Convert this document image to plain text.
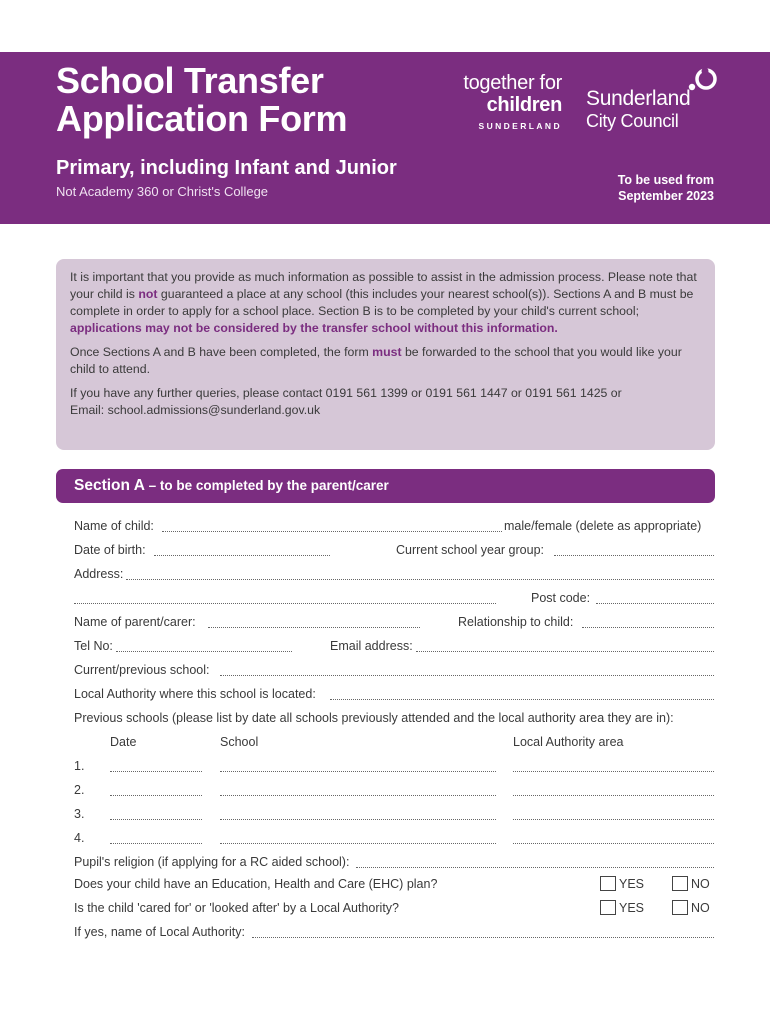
School Transfer
Application Form
Primary, including Infant and Junior
Not Academy 360 or Christ's College
To be used from
September 2023
together for
children
SUNDERLAND
Sunderland
City Council

It is important that you provide as much information as possible to assist in the admission process. Please note that your child is not guaranteed a place at any school (this includes your nearest school(s)). Sections A and B must be complete in order to apply for a school place. Section B is to be completed by your child's current school; applications may not be considered by the transfer school without this information.

Once Sections A and B have been completed, the form must be forwarded to the school that you would like your child to attend.

If you have any further queries, please contact 0191 561 1399 or 0191 561 1447 or 0191 561 1425 or
Email: school.admissions@sunderland.gov.uk

Section A – to be completed by the parent/carer
Name of child:	male/female (delete as appropriate)
Date of birth:	Current school year group:
Address:
Post code:
Name of parent/carer:	Relationship to child:
Tel No:	Email address:
Current/previous school:
Local Authority where this school is located:
Previous schools (please list by date all schools previously attended and the local authority area they are in):
Date	School	Local Authority area
1.
2.
3.
4.
Pupil's religion (if applying for a RC aided school):
Does your child have an Education, Health and Care (EHC) plan?	YES	NO
Is the child 'cared for' or 'looked after' by a Local Authority?	YES	NO
If yes, name of Local Authority:
